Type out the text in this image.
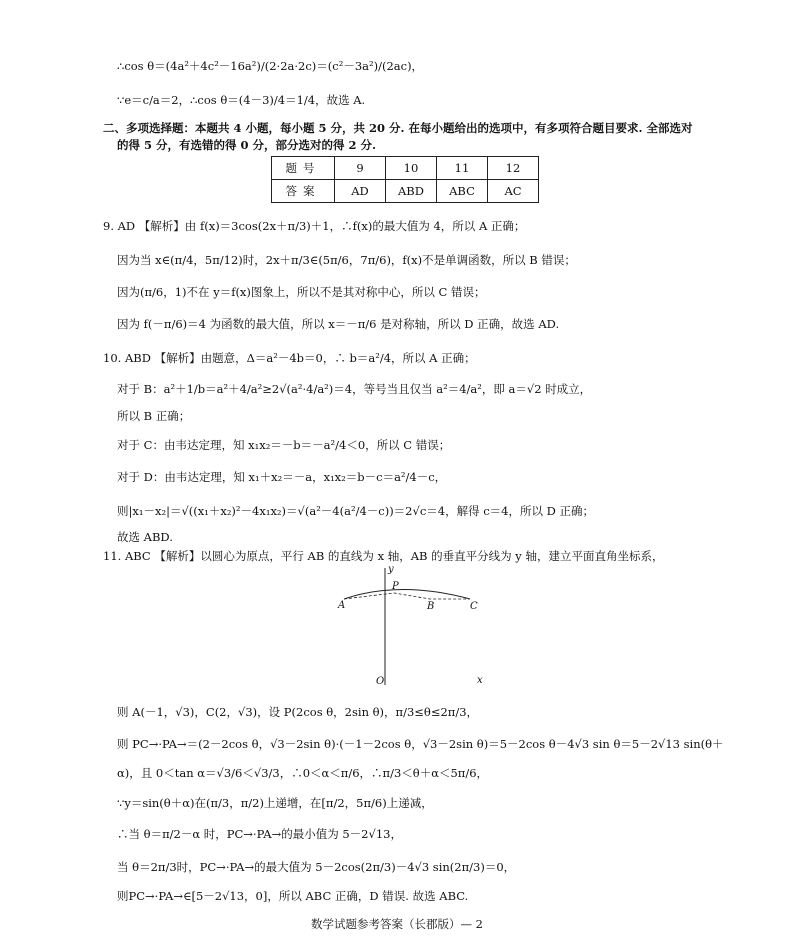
∴cos θ＝(4a²＋4c²－16a²)/(2·2a·2c)＝(c²－3a²)/(2ac)，
∵e＝c/a＝2，∴cos θ＝(4－3)/4＝1/4，故选 A.
二、多项选择题：本题共 4 小题，每小题 5 分，共 20 分. 在每小题给出的选项中，有多项符合题目要求. 全部选对
的得 5 分，有选错的得 0 分，部分选对的得 2 分.
题号	9	10	11	12
答案	AD	ABD	ABC	AC
9. AD 【解析】由 f(x)＝3cos(2x＋π/3)＋1，∴f(x)的最大值为 4，所以 A 正确；
因为当 x∈(π/4，5π/12)时，2x＋π/3∈(5π/6，7π/6)，f(x)不是单调函数，所以 B 错误；
因为(π/6，1)不在 y＝f(x)图象上，所以不是其对称中心，所以 C 错误；
因为 f(－π/6)＝4 为函数的最大值，所以 x＝－π/6 是对称轴，所以 D 正确，故选 AD.
10. ABD 【解析】由题意，Δ＝a²－4b＝0，∴ b＝a²/4，所以 A 正确；
对于 B：a²＋1/b＝a²＋4/a²≥2√(a²·4/a²)＝4，等号当且仅当 a²＝4/a²，即 a＝√2 时成立，
所以 B 正确；
对于 C：由韦达定理，知 x₁x₂＝－b＝－a²/4＜0，所以 C 错误；
对于 D：由韦达定理，知 x₁＋x₂＝－a，x₁x₂＝b－c＝a²/4－c，
则|x₁－x₂|＝√((x₁＋x₂)²－4x₁x₂)＝√(a²－4(a²/4－c))＝2√c＝4，解得 c＝4，所以 D 正确；
故选 ABD.
11. ABC 【解析】以圆心为原点，平行 AB 的直线为 x 轴，AB 的垂直平分线为 y 轴，建立平面直角坐标系，
y
A	B	C
P
O	x
则 A(－1，√3)，C(2，√3)，设 P(2cos θ，2sin θ)，π/3≤θ≤2π/3，
则 PC→·PA→＝(2－2cos θ，√3－2sin θ)·(－1－2cos θ，√3－2sin θ)＝5－2cos θ－4√3 sin θ＝5－2√13 sin(θ＋
α)，且 0＜tan α＝√3/6＜√3/3，∴0＜α＜π/6，∴π/3＜θ＋α＜5π/6，
∵y＝sin(θ＋α)在(π/3，π/2)上递增，在[π/2，5π/6)上递减，
∴当 θ＝π/2－α 时，PC→·PA→的最小值为 5－2√13，
当 θ＝2π/3时，PC→·PA→的最大值为 5－2cos(2π/3)－4√3 sin(2π/3)＝0，
则PC→·PA→∈[5－2√13，0]，所以 ABC 正确，D 错误. 故选 ABC.
数学试题参考答案（长郡版）— 2
